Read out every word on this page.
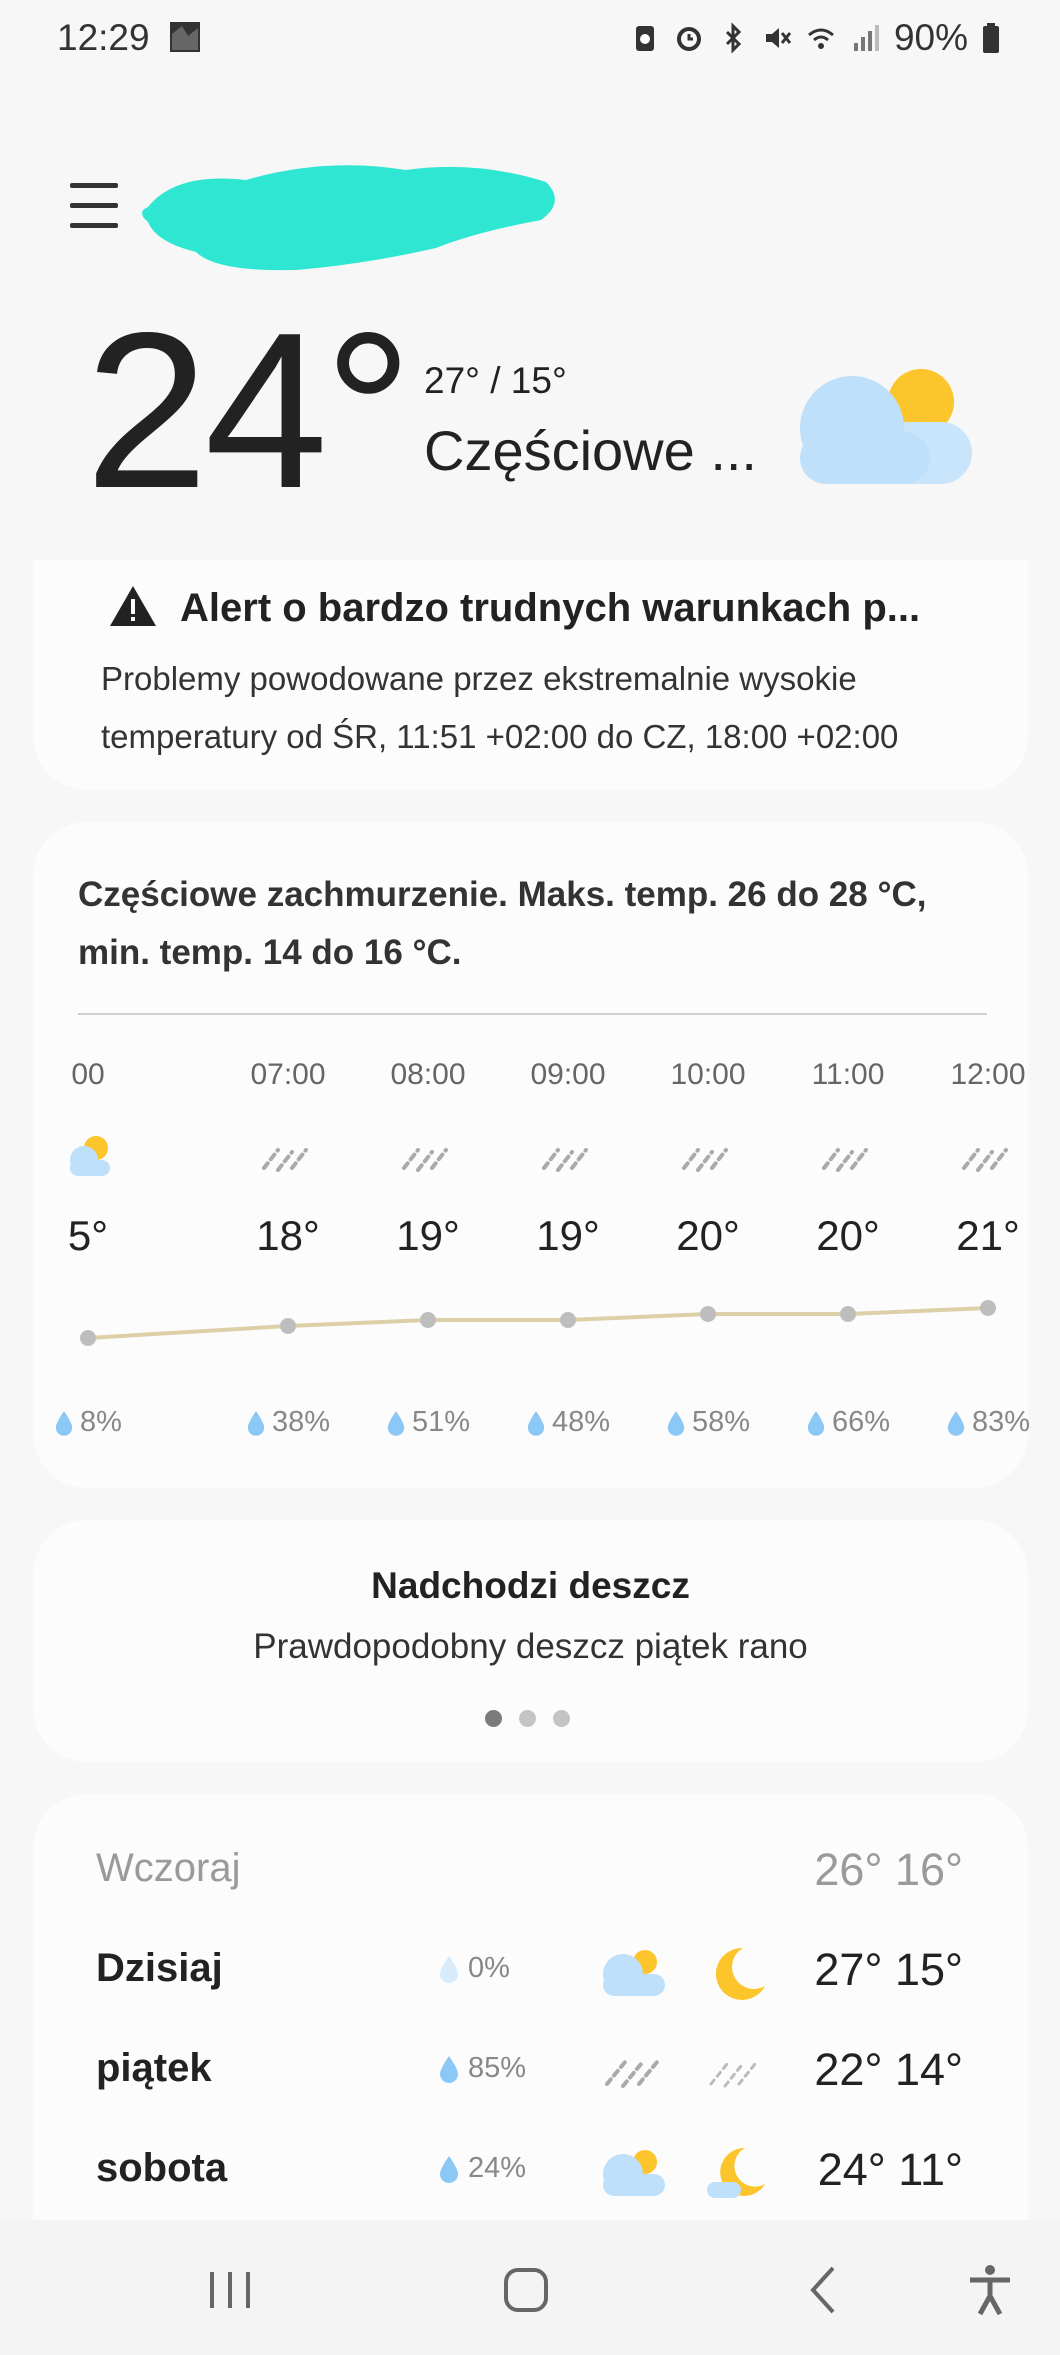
12:29	90%
24° 27° / 15°
Częściowe ...
Alert o bardzo trudnych warunkach p...
Problemy powodowane przez ekstremalnie wysokie temperatury od ŚR, 11:51 +02:00 do CZ, 18:00 +02:00
Częściowe zachmurzenie. Maks. temp. 26 do 28 °C, min. temp. 14 do 16 °C.
00
5°
8%
07:00
18°
38%
08:00
19°
51%
09:00
19°
48%
10:00
20°
58%
11:00
20°
66%
12:00
21°
83%
Nadchodzi deszcz
Prawdopodobny deszcz piątek rano
Wczoraj	26° 16°
Dzisiaj	0%	27° 15°
piątek	85%	22° 14°
sobota	24%	24° 11°
